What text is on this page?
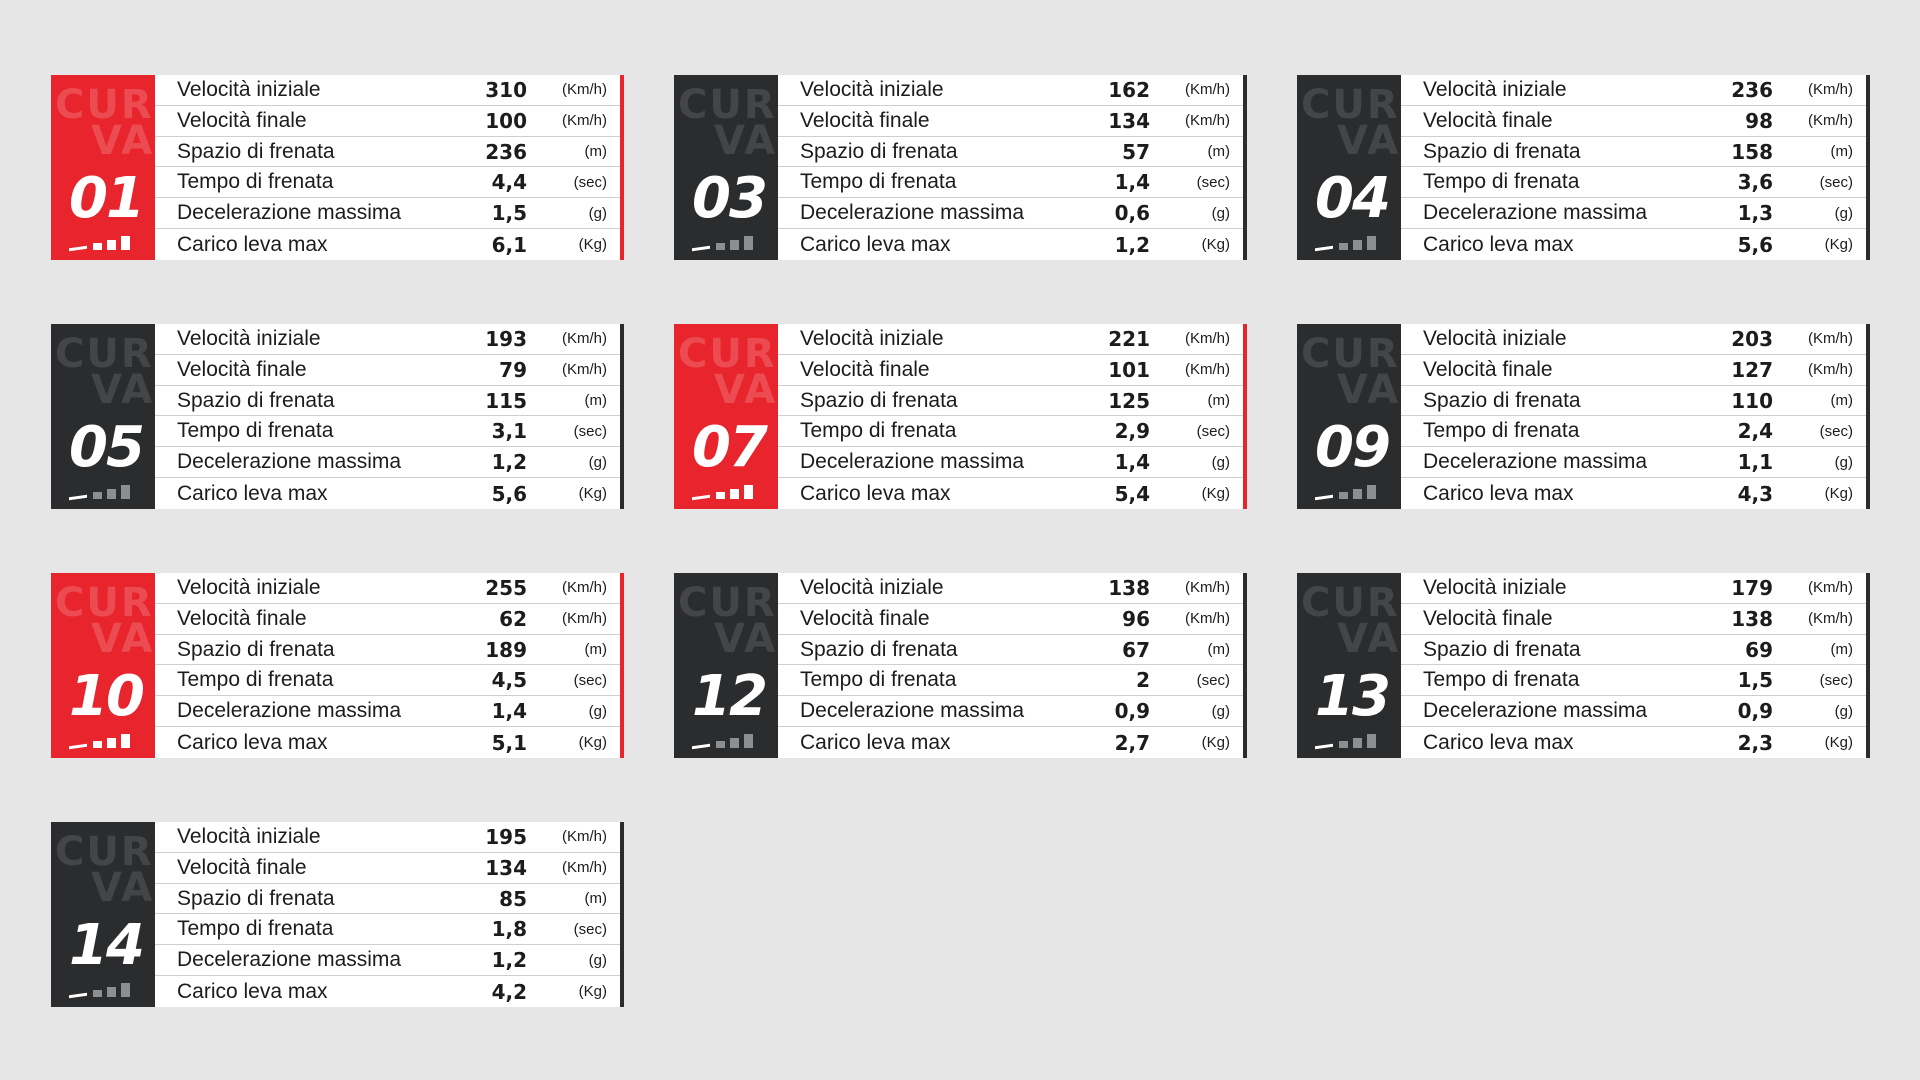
CUR
VA
01
Velocità iniziale	310	(Km/h)
Velocità finale	100	(Km/h)
Spazio di frenata	236	(m)
Tempo di frenata	4,4	(sec)
Decelerazione massima	1,5	(g)
Carico leva max	6,1	(Kg)
CUR
VA
03
Velocità iniziale	162	(Km/h)
Velocità finale	134	(Km/h)
Spazio di frenata	57	(m)
Tempo di frenata	1,4	(sec)
Decelerazione massima	0,6	(g)
Carico leva max	1,2	(Kg)
CUR
VA
04
Velocità iniziale	236	(Km/h)
Velocità finale	98	(Km/h)
Spazio di frenata	158	(m)
Tempo di frenata	3,6	(sec)
Decelerazione massima	1,3	(g)
Carico leva max	5,6	(Kg)
CUR
VA
05
Velocità iniziale	193	(Km/h)
Velocità finale	79	(Km/h)
Spazio di frenata	115	(m)
Tempo di frenata	3,1	(sec)
Decelerazione massima	1,2	(g)
Carico leva max	5,6	(Kg)
CUR
VA
07
Velocità iniziale	221	(Km/h)
Velocità finale	101	(Km/h)
Spazio di frenata	125	(m)
Tempo di frenata	2,9	(sec)
Decelerazione massima	1,4	(g)
Carico leva max	5,4	(Kg)
CUR
VA
09
Velocità iniziale	203	(Km/h)
Velocità finale	127	(Km/h)
Spazio di frenata	110	(m)
Tempo di frenata	2,4	(sec)
Decelerazione massima	1,1	(g)
Carico leva max	4,3	(Kg)
CUR
VA
10
Velocità iniziale	255	(Km/h)
Velocità finale	62	(Km/h)
Spazio di frenata	189	(m)
Tempo di frenata	4,5	(sec)
Decelerazione massima	1,4	(g)
Carico leva max	5,1	(Kg)
CUR
VA
12
Velocità iniziale	138	(Km/h)
Velocità finale	96	(Km/h)
Spazio di frenata	67	(m)
Tempo di frenata	2	(sec)
Decelerazione massima	0,9	(g)
Carico leva max	2,7	(Kg)
CUR
VA
13
Velocità iniziale	179	(Km/h)
Velocità finale	138	(Km/h)
Spazio di frenata	69	(m)
Tempo di frenata	1,5	(sec)
Decelerazione massima	0,9	(g)
Carico leva max	2,3	(Kg)
CUR
VA
14
Velocità iniziale	195	(Km/h)
Velocità finale	134	(Km/h)
Spazio di frenata	85	(m)
Tempo di frenata	1,8	(sec)
Decelerazione massima	1,2	(g)
Carico leva max	4,2	(Kg)
